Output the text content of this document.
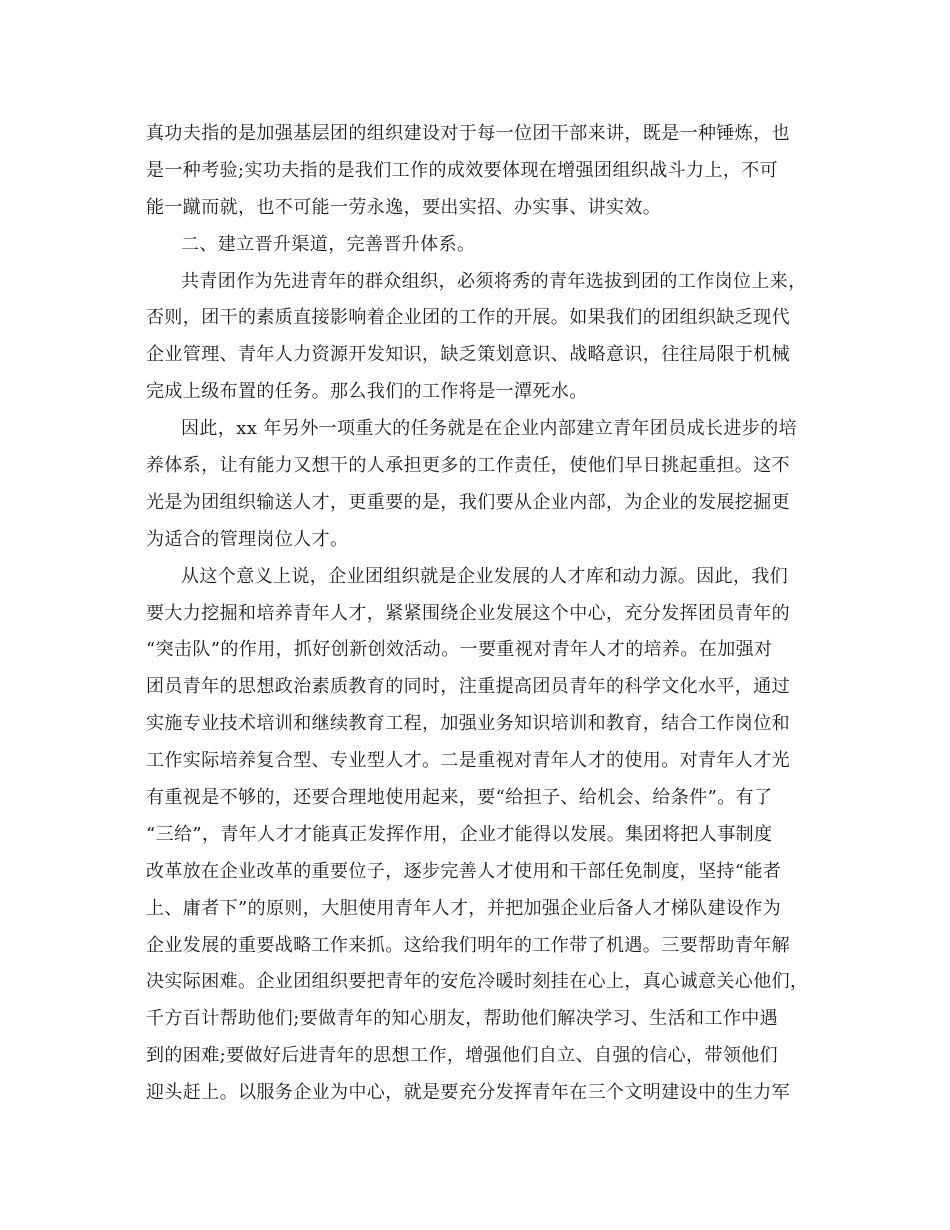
真功夫指的是加强基层团的组织建设对于每一位团干部来讲，既是一种锤炼，也
是一种考验;实功夫指的是我们工作的成效要体现在增强团组织战斗力上，不可
能一蹴而就，也不可能一劳永逸，要出实招、办实事、讲实效。
二、建立晋升渠道，完善晋升体系。
共青团作为先进青年的群众组织，必须将秀的青年选拔到团的工作岗位上来，
否则，团干的素质直接影响着企业团的工作的开展。如果我们的团组织缺乏现代
企业管理、青年人力资源开发知识，缺乏策划意识、战略意识，往往局限于机械
完成上级布置的任务。那么我们的工作将是一潭死水。
因此，xx 年另外一项重大的任务就是在企业内部建立青年团员成长进步的培
养体系，让有能力又想干的人承担更多的工作责任，使他们早日挑起重担。这不
光是为团组织输送人才，更重要的是，我们要从企业内部，为企业的发展挖掘更
为适合的管理岗位人才。
从这个意义上说，企业团组织就是企业发展的人才库和动力源。因此，我们
要大力挖掘和培养青年人才，紧紧围绕企业发展这个中心，充分发挥团员青年的
“突击队”的作用，抓好创新创效活动。一要重视对青年人才的培养。在加强对
团员青年的思想政治素质教育的同时，注重提高团员青年的科学文化水平，通过
实施专业技术培训和继续教育工程，加强业务知识培训和教育，结合工作岗位和
工作实际培养复合型、专业型人才。二是重视对青年人才的使用。对青年人才光
有重视是不够的，还要合理地使用起来，要“给担子、给机会、给条件”。有了
“三给”，青年人才才能真正发挥作用，企业才能得以发展。集团将把人事制度
改革放在企业改革的重要位子，逐步完善人才使用和干部任免制度，坚持“能者
上、庸者下”的原则，大胆使用青年人才，并把加强企业后备人才梯队建设作为
企业发展的重要战略工作来抓。这给我们明年的工作带了机遇。三要帮助青年解
决实际困难。企业团组织要把青年的安危冷暖时刻挂在心上，真心诚意关心他们，
千方百计帮助他们;要做青年的知心朋友，帮助他们解决学习、生活和工作中遇
到的困难;要做好后进青年的思想工作，增强他们自立、自强的信心，带领他们
迎头赶上。以服务企业为中心，就是要充分发挥青年在三个文明建设中的生力军
